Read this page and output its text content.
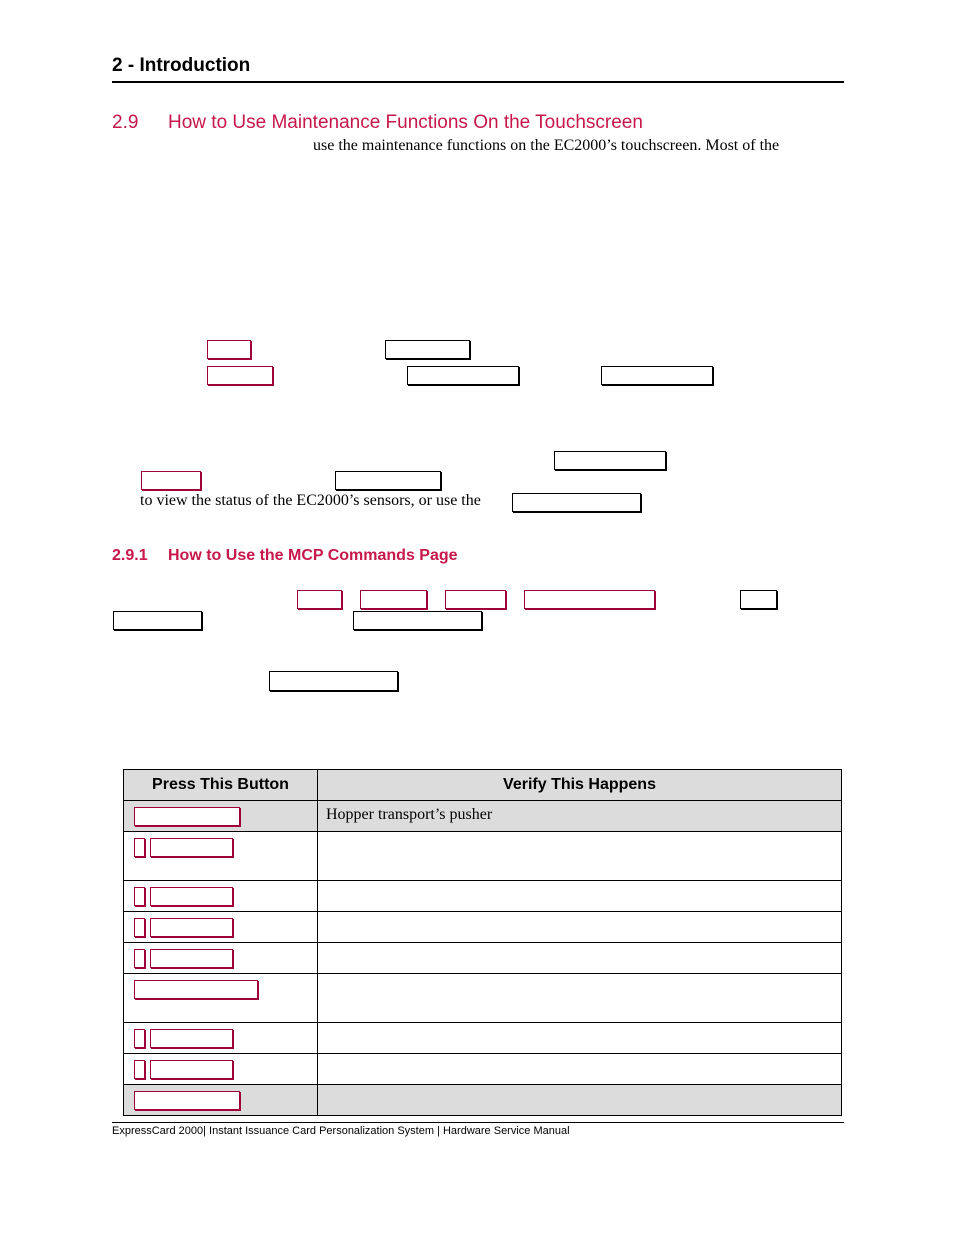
2 - Introduction
2.9 How to Use Maintenance Functions On the Touchscreen
use the maintenance functions on the EC2000’s touchscreen. Most of the
to view the status of the EC2000’s sensors, or use the
2.9.1 How to Use the MCP Commands Page
Press This Button	Verify This Happens

	Hopper transport’s pusher

ExpressCard 2000| Instant Issuance Card Personalization System | Hardware Service Manual
